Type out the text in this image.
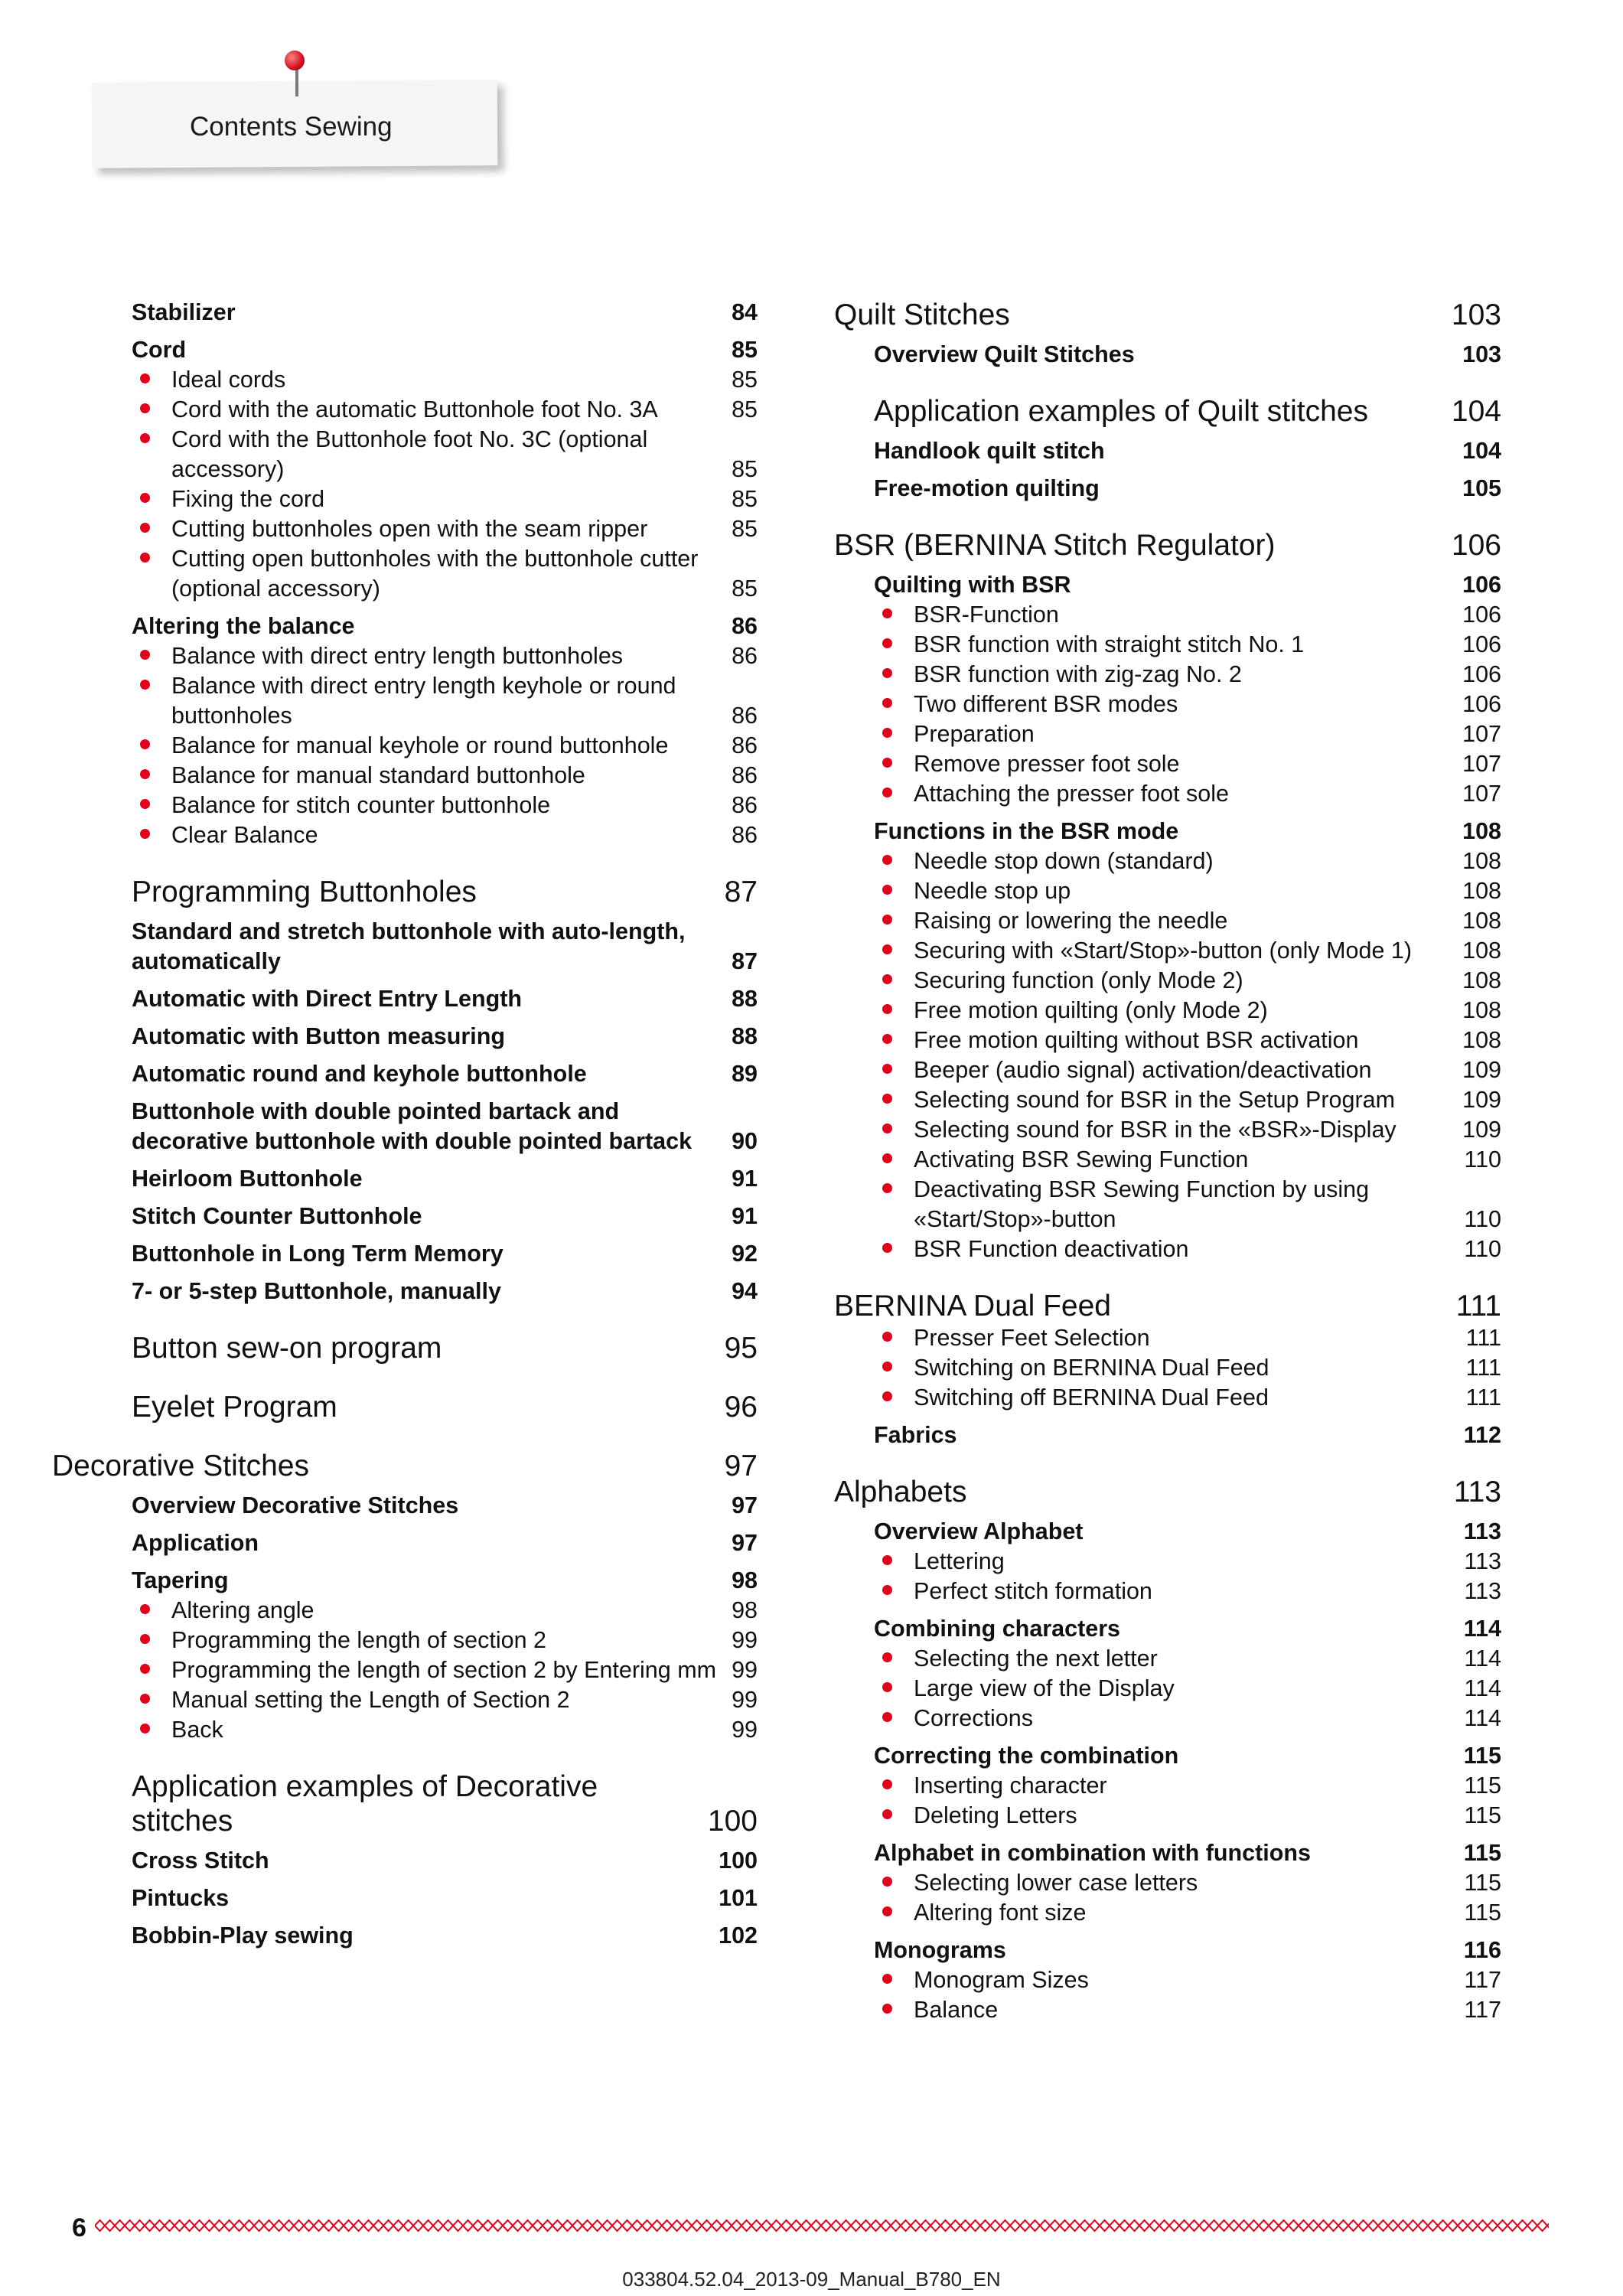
Contents Sewing
Stabilizer	84
Cord	85
Ideal cords	85
Cord with the automatic Buttonhole foot No. 3A	85
Cord with the Buttonhole foot No. 3C (optional accessory)	85
Fixing the cord	85
Cutting buttonholes open with the seam ripper	85
Cutting open buttonholes with the buttonhole cutter (optional accessory)	85
Altering the balance	86
Balance with direct entry length buttonholes	86
Balance with direct entry length keyhole or round buttonholes	86
Balance for manual keyhole or round buttonhole	86
Balance for manual standard buttonhole	86
Balance for stitch counter buttonhole	86
Clear Balance	86
Programming Buttonholes	87
Standard and stretch buttonhole with auto-length, automatically	87
Automatic with Direct Entry Length	88
Automatic with Button measuring	88
Automatic round and keyhole buttonhole	89
Buttonhole with double pointed bartack and decorative buttonhole with double pointed bartack	90
Heirloom Buttonhole	91
Stitch Counter Buttonhole	91
Buttonhole in Long Term Memory	92
7- or 5-step Buttonhole, manually	94
Button sew-on program	95
Eyelet Program	96
Decorative Stitches	97
Overview Decorative Stitches	97
Application	97
Tapering	98
Altering angle	98
Programming the length of section 2	99
Programming the length of section 2 by Entering mm 99
Manual setting the Length of Section 2	99
Back	99
Application examples of Decorative stitches	100
Cross Stitch	100
Pintucks	101
Bobbin-Play sewing	102
Quilt Stitches	103
Overview Quilt Stitches	103
Application examples of Quilt stitches	104
Handlook quilt stitch	104
Free-motion quilting	105
BSR (BERNINA Stitch Regulator)	106
Quilting with BSR	106
BSR-Function	106
BSR function with straight stitch No. 1	106
BSR function with zig-zag No. 2	106
Two different BSR modes	106
Preparation	107
Remove presser foot sole	107
Attaching the presser foot sole	107
Functions in the BSR mode	108
Needle stop down (standard)	108
Needle stop up	108
Raising or lowering the needle	108
Securing with «Start/Stop»-button (only Mode 1)	108
Securing function (only Mode 2)	108
Free motion quilting (only Mode 2)	108
Free motion quilting without BSR activation	108
Beeper (audio signal) activation/deactivation	109
Selecting sound for BSR in the Setup Program	109
Selecting sound for BSR in the «BSR»-Display	109
Activating BSR Sewing Function	110
Deactivating BSR Sewing Function by using «Start/Stop»-button	110
BSR Function deactivation	110
BERNINA Dual Feed	111
Presser Feet Selection	111
Switching on BERNINA Dual Feed	111
Switching off BERNINA Dual Feed	111
Fabrics	112
Alphabets	113
Overview Alphabet	113
Lettering	113
Perfect stitch formation	113
Combining characters	114
Selecting the next letter	114
Large view of the Display	114
Corrections	114
Correcting the combination	115
Inserting character	115
Deleting Letters	115
Alphabet in combination with functions	115
Selecting lower case letters	115
Altering font size	115
Monograms	116
Monogram Sizes	117
Balance	117
6
033804.52.04_2013-09_Manual_B780_EN
